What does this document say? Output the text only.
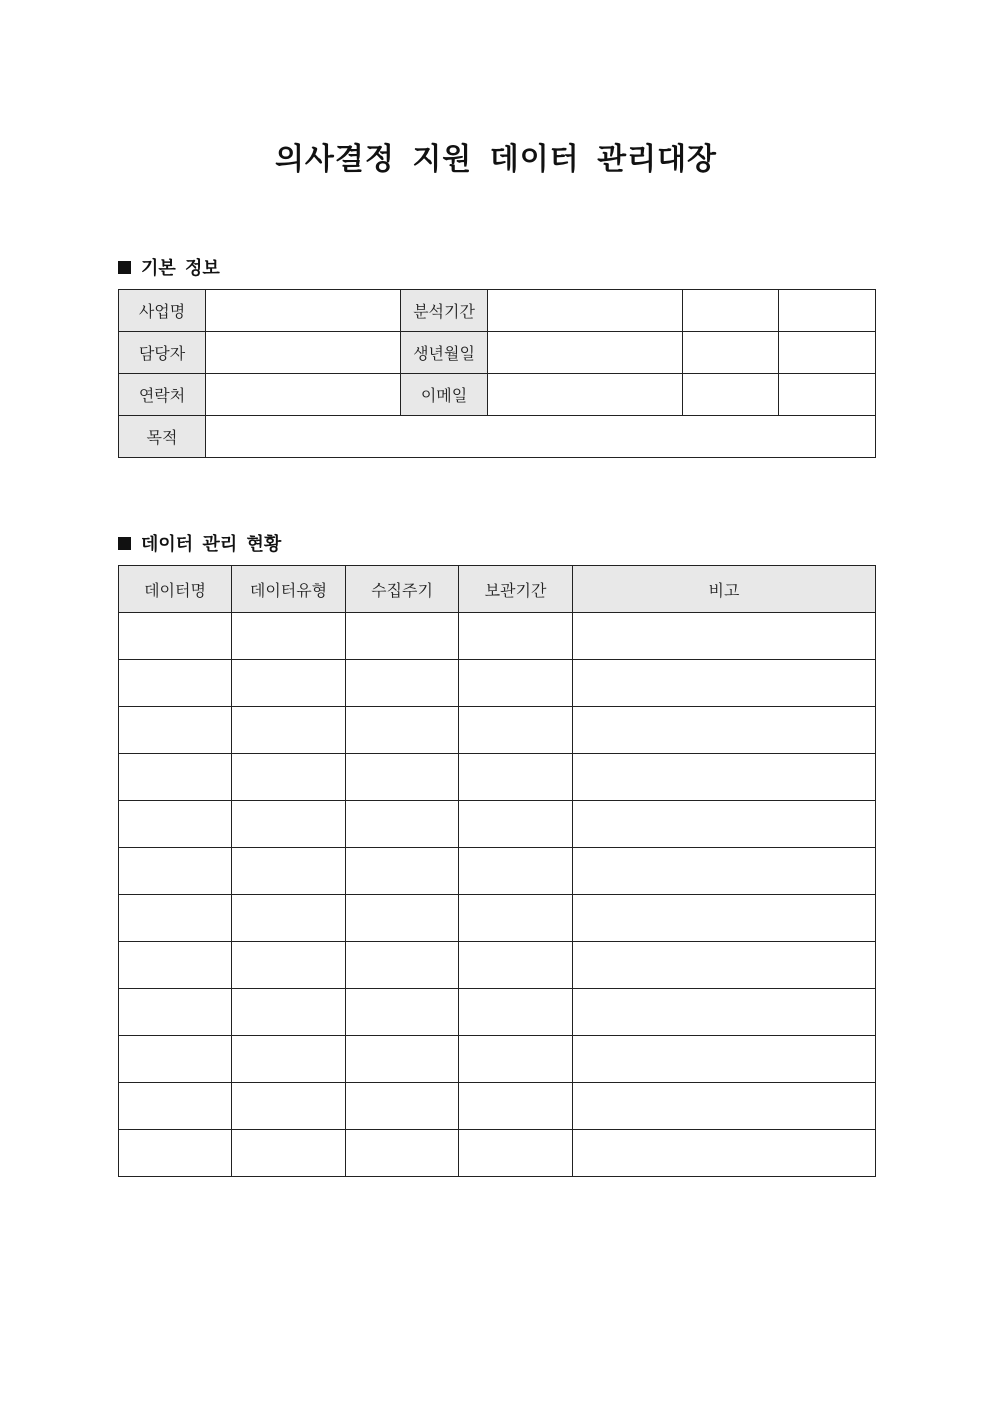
의사결정 지원 데이터 관리대장
기본 정보
사업명		분석기간			
담당자		생년월일			
연락처		이메일			
목적					
데이터 관리 현황
데이터명	데이터유형	수집주기	보관기간	비고
